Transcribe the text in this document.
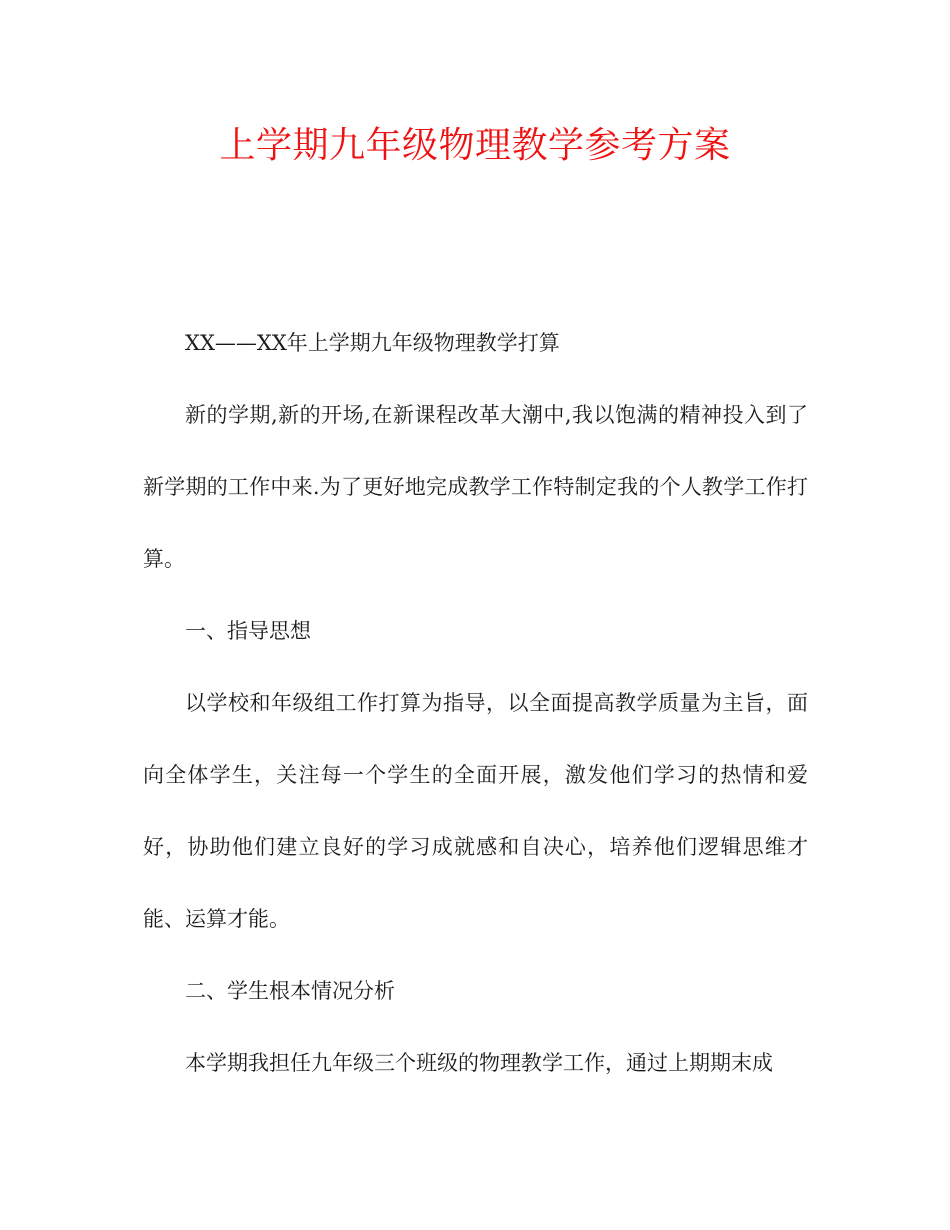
上学期九年级物理教学参考方案

XX——XX年上学期九年级物理教学打算

新的学期,新的开场,在新课程改革大潮中,我以饱满的精神投入到了新学期的工作中来.为了更好地完成教学工作特制定我的个人教学工作打算。

一、指导思想

以学校和年级组工作打算为指导，以全面提高教学质量为主旨，面向全体学生，关注每一个学生的全面开展，激发他们学习的热情和爱好，协助他们建立良好的学习成就感和自决心，培养他们逻辑思维才能、运算才能。

二、学生根本情况分析

本学期我担任九年级三个班级的物理教学工作，通过上期期末成
